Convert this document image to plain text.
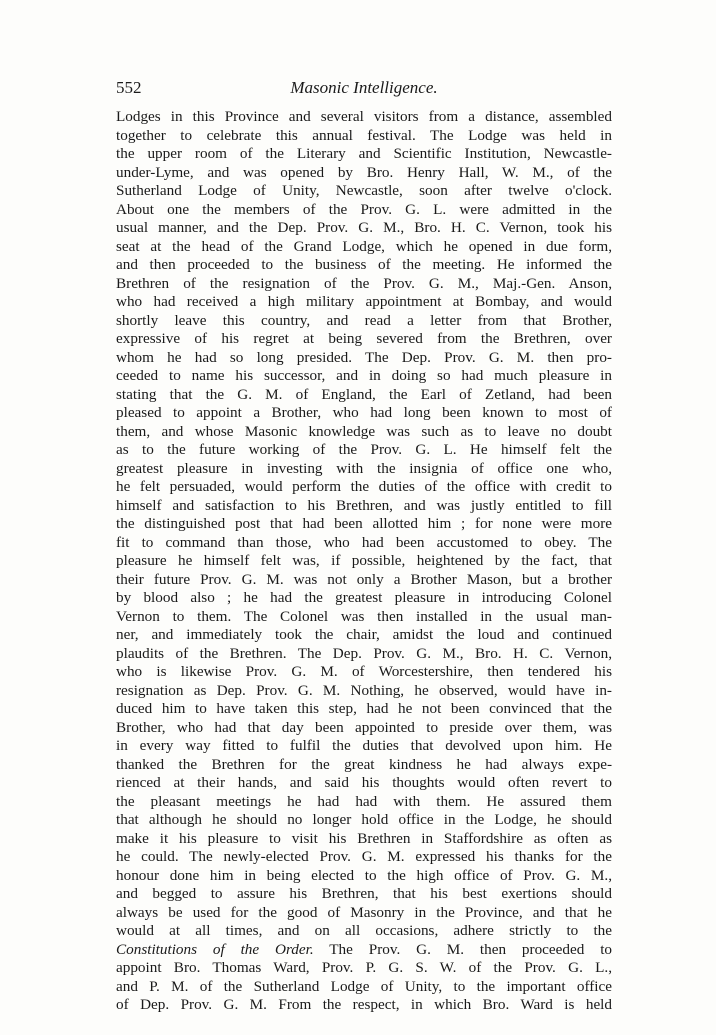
552	Masonic Intelligence.
Lodges in this Province and several visitors from a distance, assembled
together to celebrate this annual festival. The Lodge was held in
the upper room of the Literary and Scientific Institution, Newcastle-
under-Lyme, and was opened by Bro. Henry Hall, W. M., of the
Sutherland Lodge of Unity, Newcastle, soon after twelve o'clock.
About one the members of the Prov. G. L. were admitted in the
usual manner, and the Dep. Prov. G. M., Bro. H. C. Vernon, took his
seat at the head of the Grand Lodge, which he opened in due form,
and then proceeded to the business of the meeting. He informed the
Brethren of the resignation of the Prov. G. M., Maj.-Gen. Anson,
who had received a high military appointment at Bombay, and would
shortly leave this country, and read a letter from that Brother,
expressive of his regret at being severed from the Brethren, over
whom he had so long presided. The Dep. Prov. G. M. then pro-
ceeded to name his successor, and in doing so had much pleasure in
stating that the G. M. of England, the Earl of Zetland, had been
pleased to appoint a Brother, who had long been known to most of
them, and whose Masonic knowledge was such as to leave no doubt
as to the future working of the Prov. G. L. He himself felt the
greatest pleasure in investing with the insignia of office one who,
he felt persuaded, would perform the duties of the office with credit to
himself and satisfaction to his Brethren, and was justly entitled to fill
the distinguished post that had been allotted him ; for none were more
fit to command than those, who had been accustomed to obey. The
pleasure he himself felt was, if possible, heightened by the fact, that
their future Prov. G. M. was not only a Brother Mason, but a brother
by blood also ; he had the greatest pleasure in introducing Colonel
Vernon to them. The Colonel was then installed in the usual man-
ner, and immediately took the chair, amidst the loud and continued
plaudits of the Brethren. The Dep. Prov. G. M., Bro. H. C. Vernon,
who is likewise Prov. G. M. of Worcestershire, then tendered his
resignation as Dep. Prov. G. M. Nothing, he observed, would have in-
duced him to have taken this step, had he not been convinced that the
Brother, who had that day been appointed to preside over them, was
in every way fitted to fulfil the duties that devolved upon him. He
thanked the Brethren for the great kindness he had always expe-
rienced at their hands, and said his thoughts would often revert to
the pleasant meetings he had had with them. He assured them
that although he should no longer hold office in the Lodge, he should
make it his pleasure to visit his Brethren in Staffordshire as often as
he could. The newly-elected Prov. G. M. expressed his thanks for the
honour done him in being elected to the high office of Prov. G. M.,
and begged to assure his Brethren, that his best exertions should
always be used for the good of Masonry in the Province, and that he
would at all times, and on all occasions, adhere strictly to the
Constitutions of the Order. The Prov. G. M. then proceeded to
appoint Bro. Thomas Ward, Prov. P. G. S. W. of the Prov. G. L.,
and P. M. of the Sutherland Lodge of Unity, to the important office
of Dep. Prov. G. M. From the respect, in which Bro. Ward is held
